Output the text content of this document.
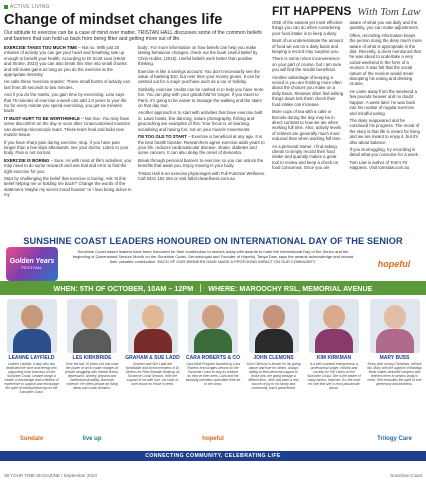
ACTIVE LIVING
Change of mindset changes life
Our attitude to exercise can be a case of mind over matter. TRISTAN HALL discusses some of the common beliefs and barriers that can hold us back from being fitter and getting more out of life.

EXERCISE TAKES TOO MUCH TIME – Not so. With just 20 minutes of activity you can get your heart and breathing rate up enough to benefit your health. According to Dr Scott Lear (Heart and Stroke, 2022) you can also break this time into small chunks and still make gains as long as you do the exercise at the appropriate intensity.

He calls these 'exercise snacks'. These small bursts of activity can last from 30 seconds to two minutes.

And if you do the maths, you gain time by exercising. Lear says that 75 minutes of exercise a week can add 1.8 years to your life. So for every minute you spend exercising, you get six minutes back!

IT MUST HURT TO BE WORTHWHILE – Not true. You may have some discomfort on the day or soon after. Unaccustomed muscles can develop microscopic tears. These tears heal and build new muscle tissue.

If you have sharp pain during exercise, stop. If you have pain longer than a few days afterwards, see your doctor. Listen to your body. Pain is not normal.

EXERCISE IS BORING – Sure. As with most of life's activities, you may need to do some research and use trial and error to find the right exercise for you.

Start by challenging the belief that exercise is boring. Ask 'Is this belief helping me or holding me back?' Change the words of the statement. Maybe my secret mood booster 'or I love being active in my

body'. For more information on how beliefs can help you make lasting behaviour changes, check out the book Useful Belief by Chris Hobbs. (2016). Useful beliefs work better than positive thinking.

Exercise is like a savings account. You don't necessarily see the value of banking $10, but over time your money grows. It can be cashed out for a major purchase such as a car or holiday.

Similarly, exercise credits can be cashed in to help you have more fun. You can play with your grandchild for longer. If you travel to Paris, it's going to be easier to manage the walking and the stairs on that day tour.

Another approach is to start with activities that have exercise built in. Lawn bowls, line dancing, nature photography, fishing and geocaching are examples of this. Your focus is on learning, socialising and having fun, not on your muscle movements.

I'M TOO OLD TO START – Exercise is beneficial at any age. It is the best health booster. Researchers agree exercise adds years to your life, reduces cardiovascular disease, stroke, diabetes and some cancers. It can also delay the onset of dementia.

Break through personal barriers to exercise so you can unlock the benefits that await you. Enjoy moving in your body.

Tristan Hall is an exercise physiologist with Full Function Wellness. Call 0431 102 284 or visit fullcirclewellness.com.au

FIT HAPPENS With Tom Law

ONE of the easiest yet most effective things you can do when considering your food intake is to keep a diary.

Most of us underestimate the amount of food we eat on a daily basis and keeping a record may surprise you.

There is some minor inconvenience on your part of course, but I am sure you will find the results beneficial.

Another advantage of keeping a record is you are thinking more often about the choices you make on a daily basis. Reviews often find writing things down lets them check their food intake can increase.

More cups of tea with a cake or biscuits during the day may be in direct contrast to how we ate when working full time. Also, activity levels of retirees are generally much more reduced than when working full time.

As a personal trainer, I find asking clients to simply record their food intake and quantity makes a great tool to review and keep a check on food consumed. Once you are

aware of what you eat daily and the quantity, you can make adjustments.

Often, recording information keeps the person doing the diary much more aware of what is appropriate in the diet. Recently, a client mentioned that he was about to undertake a very social weekend in the form of a reunion. It was felt that the social nature of the reunion would mean disrupting his eating and drinking routine.

He came away from the weekend a few pounds heavier and no doubt happier. A week later, he was back into his routine of regular exercise and mindful eating.

The diary reappeared and he continued his progress. The moral of the story is that life is meant for living and we are meant to enjoy it, but it's also about balance.

If you at struggling, try recording in detail what you consume for a week.

Tom Law is author of Tom's Fit Happens. Visit tomslaw.com.au

Golden Years
FESTIVAL
SUNSHINE COAST LEADERS HONOURED ON INTERNATIONAL DAY OF THE SENIOR
Sunshine Coast based leaders have been honoured for their contribution to seniors today with awards to mark the International Day of the Senior and the beginning of Queensland Seniors Month on the Sunshine Coast. Gerontologist and Founder of Hopeful, Tanya Daw, says the awards acknowledge and reward their valuable contribution. EACH OF OUR WINNERS HAVE MADE A PROFOUND IMPACT ON OUR COMMUNITY.	hopeful
WHEN: 5TH OF OCTOBER, 10AM – 12PM WHERE: MAROOCHY RSL, MEMORIAL AVENUE
LEANNE LAYFIELD
Leanne Layfield, a lady who has dedicated her time and energy into supporting local business on the Sunshine Coast. Leanne brings a wealth of knowledge and a lifetime of experience to support and encourage the spirit of entrepreneurship on the Sunshine Coast.
LES KIRKBRIDE
Over the last 15 years Les has used the power of art to make changes in people struggling with mental illness, depression, anxiety, physical and intellectual disability, domestic violence. He offers people art living ideas and social isolation.
GRAHAM & SUE LADD
Graham and Sue Ladd are formidable and loved members of ID Seniors for Real Seaside Walking. At Sunshine Coast Seniors. With the support of his wife Sue, run visits to care house for those in need.
CARA ROBERTS & CO
Cara Adult Program founded by Cara Roberts encourages seniors on the Sunshine Coast to stay as creative as they've ever been. Cara and the founding members submitted their art to the show.
JOHN CLEMONS
John Clemons is known for his giving nature and love for others. Always willing to lend personal support to those who are going through a difficult time. John has been a real source of joy to his family and community, and a great friend.
KIM KIRKMAN
Is a well-rounded entrepreneur, a professional singer, violinist and vocalist for Ten choirs on the Sunshine Coast. She is the leader of many basics, however, it is the work for one that she is most passionate about.
MARY BUSS
Every year during Christmas, without fail, Mary with the support of Bondigo Bank makes beautiful hampers and delivers them to seniors living in need. She embodies the spirit of true generosity and kindness.
Sundale	live up	hopeful	Trilogy Care
CONNECTING COMMUNITY, CELEBRATING LIFE
38 YOUR TIME MAGAZINE / September 2023	Sunshine Coast
